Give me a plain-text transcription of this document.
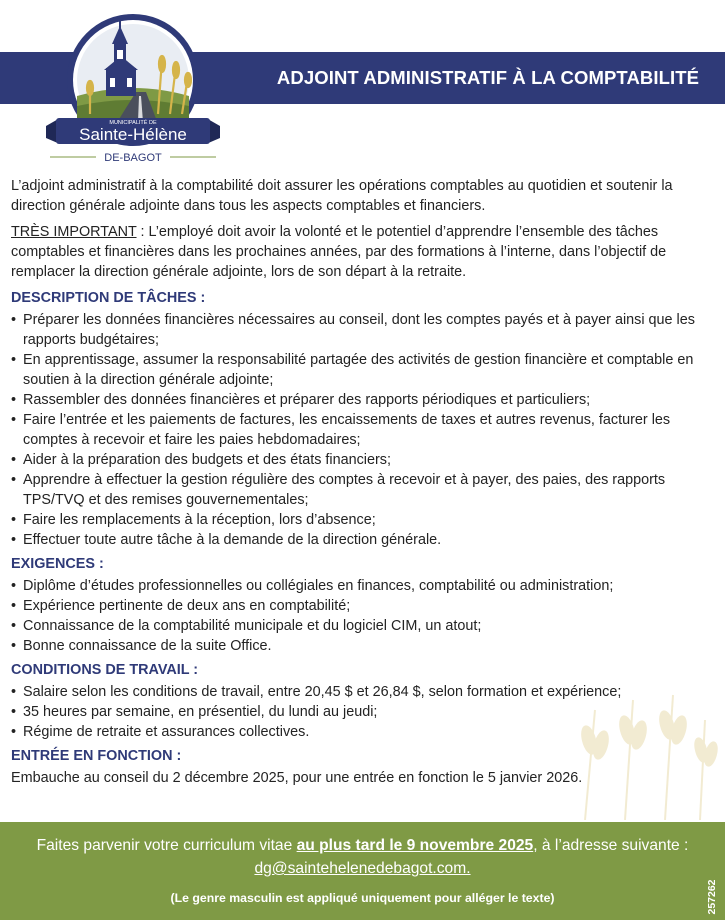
ADJOINT ADMINISTRATIF À LA COMPTABILITÉ
MUNICIPALITÉ DE
Sainte-Hélène
DE-BAGOT

L’adjoint administratif à la comptabilité doit assurer les opérations comptables au quotidien et soutenir la direction générale adjointe dans tous les aspects comptables et financiers.

TRÈS IMPORTANT : L’employé doit avoir la volonté et le potentiel d’apprendre l’ensemble des tâches comptables et financières dans les prochaines années, par des formations à l’interne, dans l’objectif de remplacer la direction générale adjointe, lors de son départ à la retraite.

DESCRIPTION DE TÂCHES :
• Préparer les données financières nécessaires au conseil, dont les comptes payés et à payer ainsi que les rapports budgétaires;
• En apprentissage, assumer la responsabilité partagée des activités de gestion financière et comptable en soutien à la direction générale adjointe;
• Rassembler des données financières et préparer des rapports périodiques et particuliers;
• Faire l’entrée et les paiements de factures, les encaissements de taxes et autres revenus, facturer les comptes à recevoir et faire les paies hebdomadaires;
• Aider à la préparation des budgets et des états financiers;
• Apprendre à effectuer la gestion régulière des comptes à recevoir et à payer, des paies, des rapports TPS/TVQ et des remises gouvernementales;
• Faire les remplacements à la réception, lors d’absence;
• Effectuer toute autre tâche à la demande de la direction générale.
EXIGENCES :
• Diplôme d’études professionnelles ou collégiales en finances, comptabilité ou administration;
• Expérience pertinente de deux ans en comptabilité;
• Connaissance de la comptabilité municipale et du logiciel CIM, un atout;
• Bonne connaissance de la suite Office.
CONDITIONS DE TRAVAIL :
• Salaire selon les conditions de travail, entre 20,45 $ et 26,84 $, selon formation et expérience;
• 35 heures par semaine, en présentiel, du lundi au jeudi;
• Régime de retraite et assurances collectives.
ENTRÉE EN FONCTION :
Embauche au conseil du 2 décembre 2025, pour une entrée en fonction le 5 janvier 2026.
Faites parvenir votre curriculum vitae au plus tard le 9 novembre 2025, à l’adresse suivante :
dg@saintehelenedebagot.com.
(Le genre masculin est appliqué uniquement pour alléger le texte)	257262
